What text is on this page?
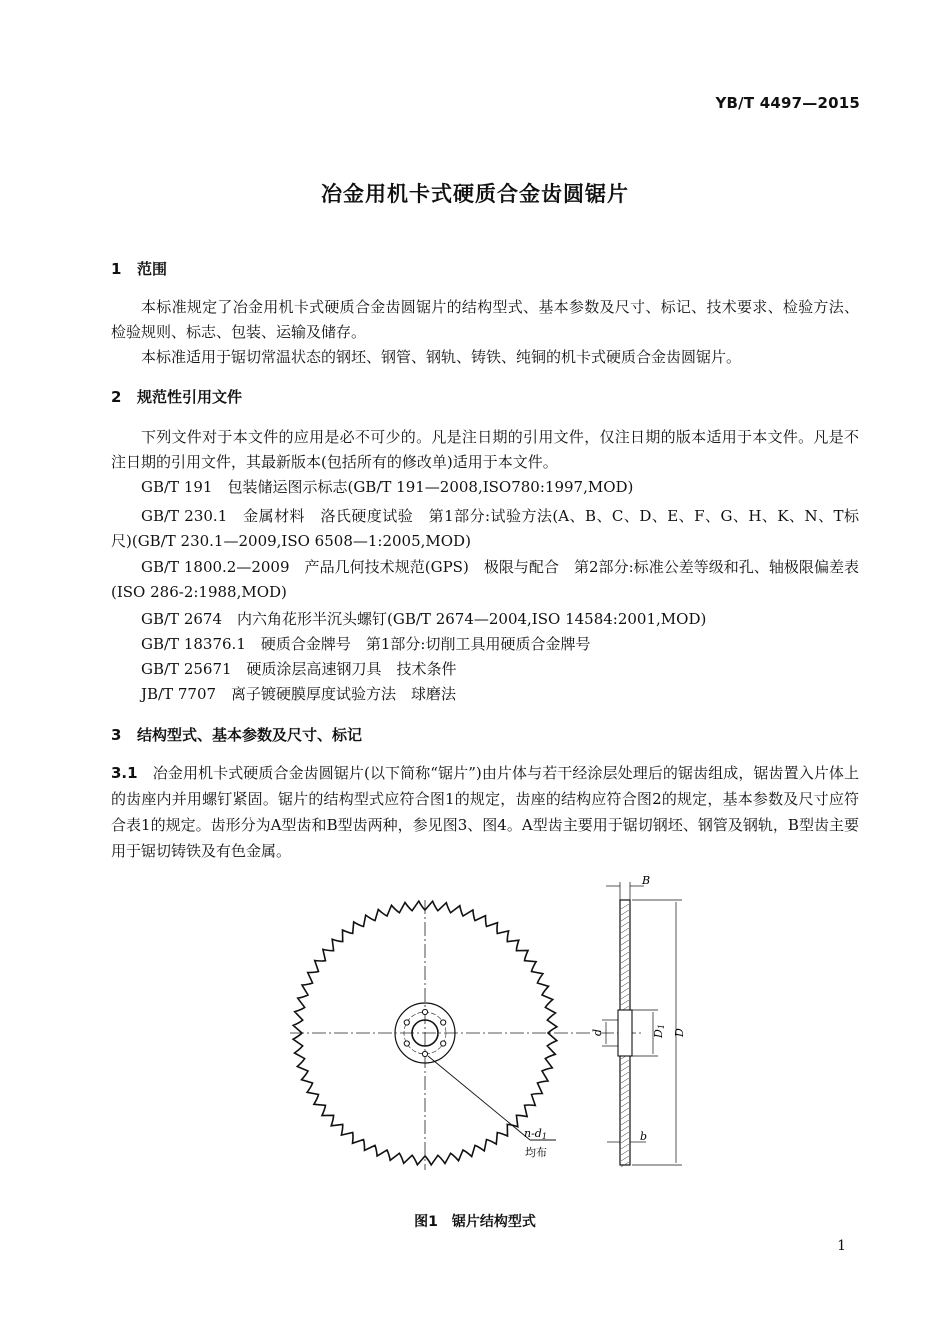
YB/T 4497—2015
冶金用机卡式硬质合金齿圆锯片
1 范围
本标准规定了冶金用机卡式硬质合金齿圆锯片的结构型式、基本参数及尺寸、标记、技术要求、检验方法、检验规则、标志、包装、运输及储存。
本标准适用于锯切常温状态的钢坯、钢管、钢轨、铸铁、纯铜的机卡式硬质合金齿圆锯片。
2 规范性引用文件
下列文件对于本文件的应用是必不可少的。凡是注日期的引用文件，仅注日期的版本适用于本文件。凡是不注日期的引用文件，其最新版本(包括所有的修改单)适用于本文件。
GB/T 191　包装储运图示标志(GB/T 191—2008,ISO780:1997,MOD)
GB/T 230.1　金属材料　洛氏硬度试验　第1部分:试验方法(A、B、C、D、E、F、G、H、K、N、T标尺)(GB/T 230.1—2009,ISO 6508—1:2005,MOD)
GB/T 1800.2—2009　产品几何技术规范(GPS)　极限与配合　第2部分:标准公差等级和孔、轴极限偏差表(ISO 286-2:1988,MOD)
GB/T 2674　内六角花形半沉头螺钉(GB/T 2674—2004,ISO 14584:2001,MOD)
GB/T 18376.1　硬质合金牌号　第1部分:切削工具用硬质合金牌号
GB/T 25671　硬质涂层高速钢刀具　技术条件
JB/T 7707　离子镀硬膜厚度试验方法　球磨法
3 结构型式、基本参数及尺寸、标记
3.1　 冶金用机卡式硬质合金齿圆锯片(以下简称“锯片”)由片体与若干经涂层处理后的锯齿组成，锯齿置入片体上的齿座内并用螺钉紧固。锯片的结构型式应符合图1的规定，齿座的结构应符合图2的规定，基本参数及尺寸应符合表1的规定。齿形分为A型齿和B型齿两种，参见图3、图4。A型齿主要用于锯切钢坯、钢管及钢轨，B型齿主要用于锯切铸铁及有色金属。
n-d1
均布
B
D
D1
d
b
图1　锯片结构型式
1
